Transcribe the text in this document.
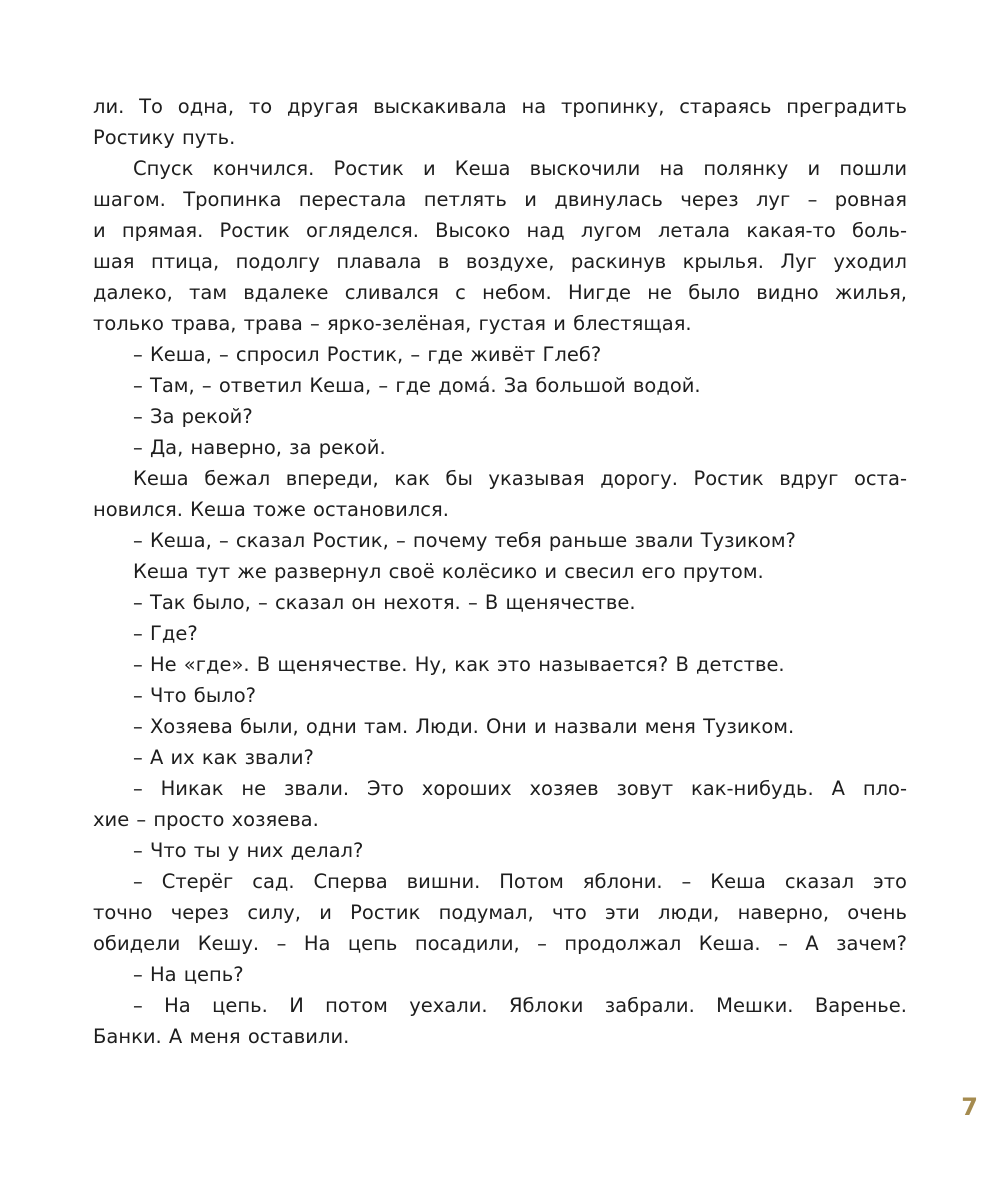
ли. То одна, то другая выскакивала на тропинку, стараясь преградить
Ростику путь.
Спуск кончился. Ростик и Кеша выскочили на полянку и пошли
шагом. Тропинка перестала петлять и двинулась через луг – ровная
и прямая. Ростик огляделся. Высоко над лугом летала какая-то боль-
шая птица, подолгу плавала в воздухе, раскинув крылья. Луг уходил
далеко, там вдалеке сливался с небом. Нигде не было видно жилья,
только трава, трава – ярко-зелёная, густая и блестящая.
– Кеша, – спросил Ростик, – где живёт Глеб?
– Там, – ответил Кеша, – где домá. За большой водой.
– За рекой?
– Да, наверно, за рекой.
Кеша бежал впереди, как бы указывая дорогу. Ростик вдруг оста-
новился. Кеша тоже остановился.
– Кеша, – сказал Ростик, – почему тебя раньше звали Тузиком?
Кеша тут же развернул своё колёсико и свесил его прутом.
– Так было, – сказал он нехотя. – В щенячестве.
– Где?
– Не «где». В щенячестве. Ну, как это называется? В детстве.
– Что было?
– Хозяева были, одни там. Люди. Они и назвали меня Тузиком.
– А их как звали?
– Никак не звали. Это хороших хозяев зовут как-нибудь. А пло-
хие – просто хозяева.
– Что ты у них делал?
– Стерёг сад. Сперва вишни. Потом яблони. – Кеша сказал это
точно через силу, и Ростик подумал, что эти люди, наверно, очень
обидели Кешу. – На цепь посадили, – продолжал Кеша. – А зачем?
– На цепь?
– На цепь. И потом уехали. Яблоки забрали. Мешки. Варенье.
Банки. А меня оставили.
7
